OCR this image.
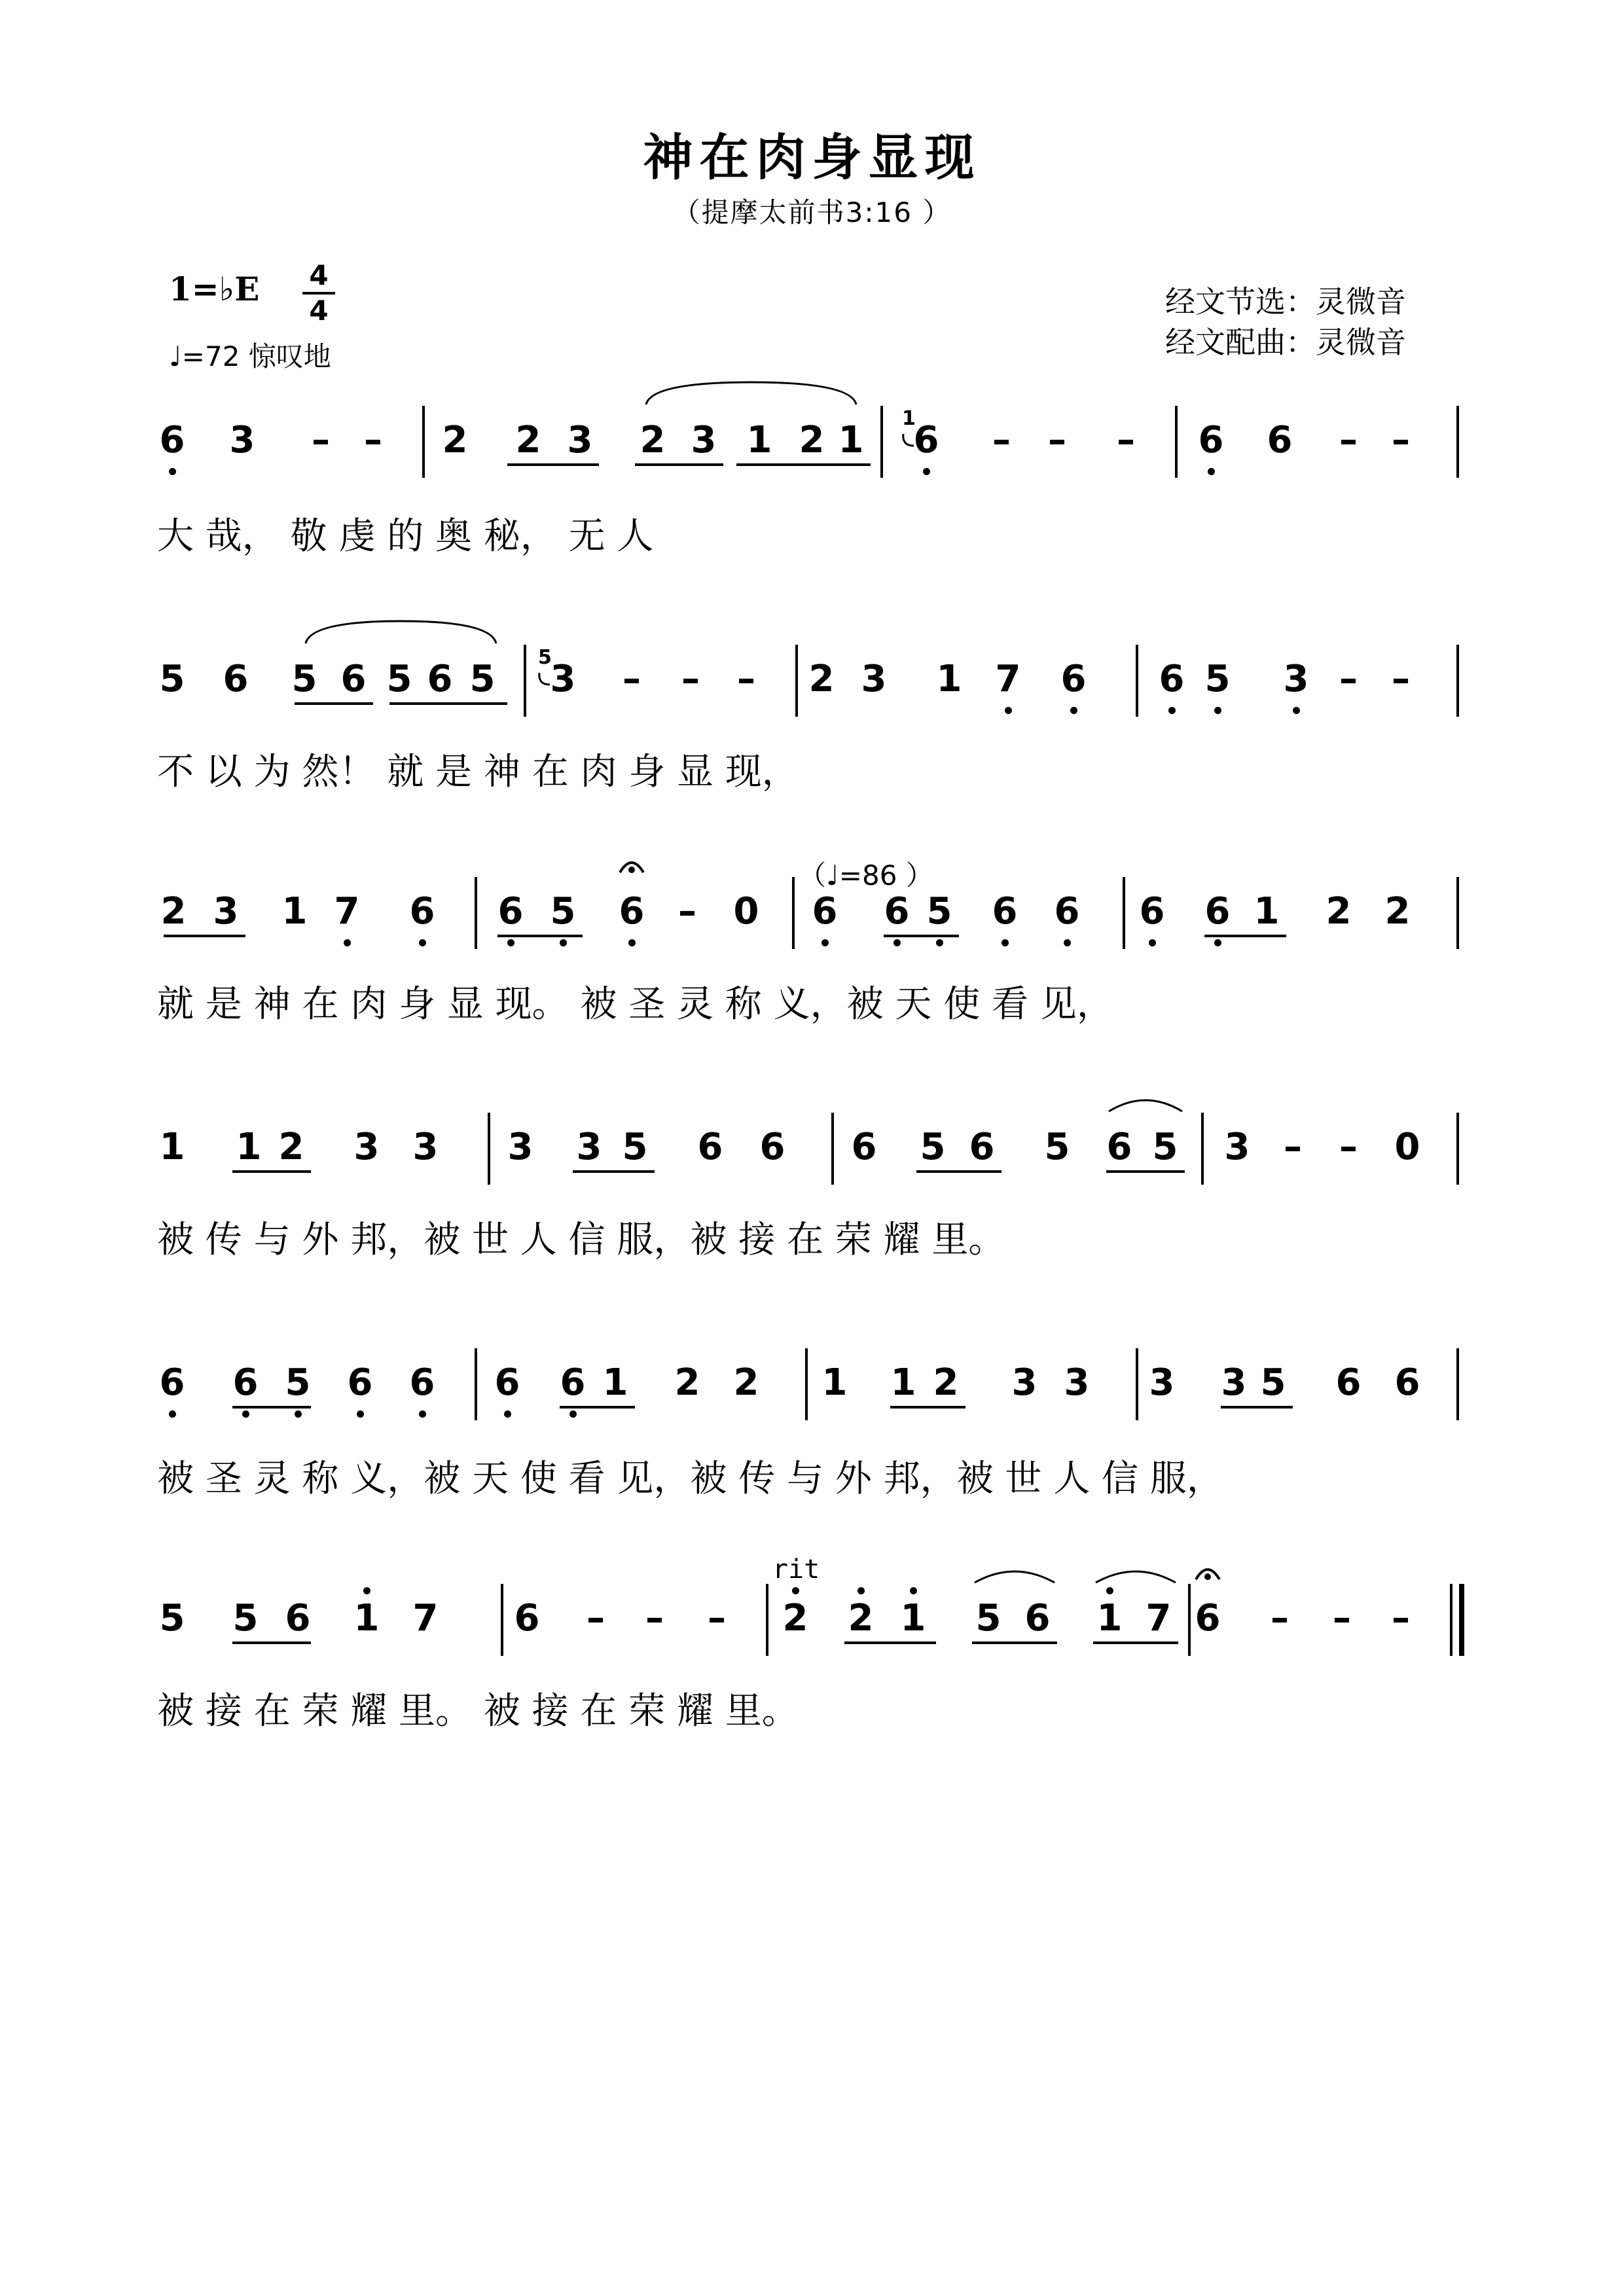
神在肉身显现
（提摩太前书3:16 ）
1=♭E 4
4
♩=72 惊叹地
经文节选：灵微音
经文配曲：灵微音
6 3 – – 2 2 3 2 3 1 2 1 6 – – – 6 6 – –
5 6 5 6 5 6 5 3 – – – 2 3 1 7 6 6 5 3 – –
2 3 1 7 6 6 5 6 – 0 6 6 5 6 6 6 6 1 2 2
1 1 2 3 3 3 3 5 6 6 6 5 6 5 6 5 3 – – 0
6 6 5 6 6 6 6 1 2 2 1 1 2 3 3 3 3 5 6 6
5 5 6 1 7 6 – – – 2 2 1 5 6 1 7 6 – – –
1
5
（♩=86 ）
rit
大 哉， 敬 虔 的 奥 秘， 无 人
不 以 为 然！ 就 是 神 在 肉 身 显 现，
就 是 神 在 肉 身 显 现。 被 圣 灵 称 义，被 天 使 看 见，
被 传 与 外 邦，被 世 人 信 服，被 接 在 荣 耀 里。
被 圣 灵 称 义，被 天 使 看 见，被 传 与 外 邦，被 世 人 信 服，
被 接 在 荣 耀 里。 被 接 在 荣 耀 里。
